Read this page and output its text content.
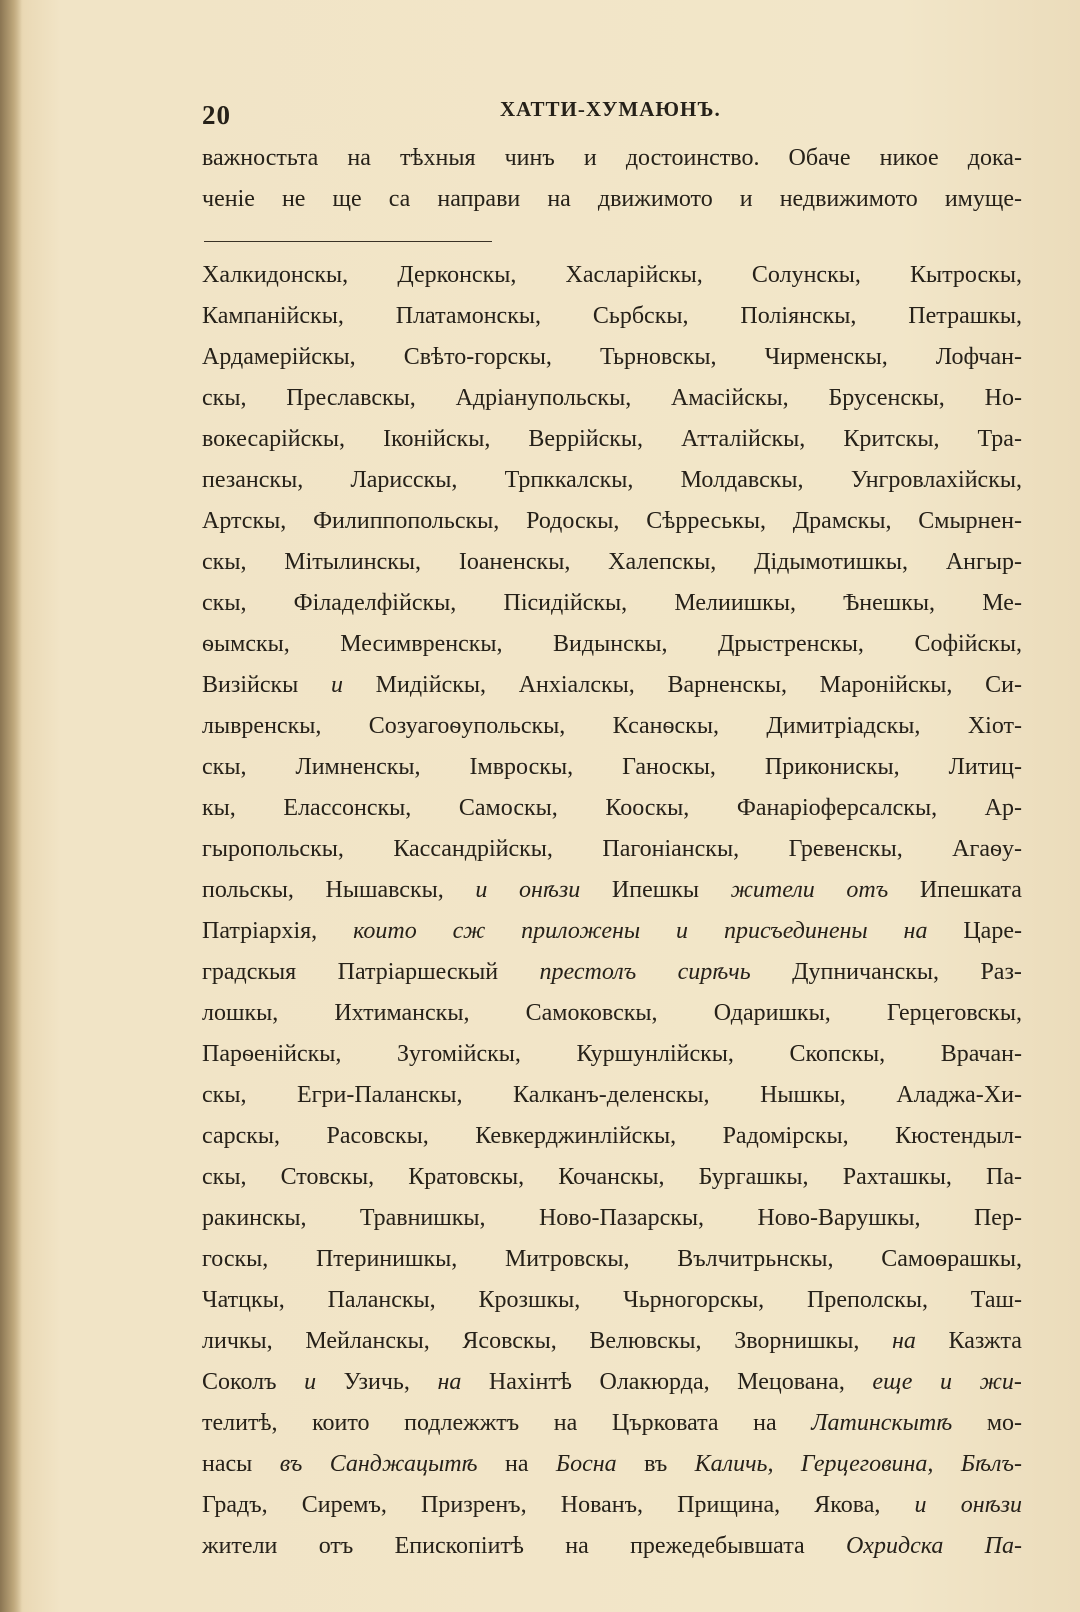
20	ХАТТИ-ХУМАЮНЪ.
важностьта на тѣхныя чинъ и достоинство. Обаче никое дока-
ченіе не ще са направи на движимото и недвижимото имуще-
Халкидонскы, Дерконскы, Хасларійскы, Солунскы, Кытроскы,
Кампанійскы, Платамонскы, Сьрбскы, Поліянскы, Петрашкы,
Ардамерійскы, Свѣто-горскы, Тьрновскы, Чирменскы, Лофчан-
скы, Преславскы, Адріанупольскы, Амасійскы, Брусенскы, Но-
вокесарійскы, Іконійскы, Веррійскы, Атталійскы, Критскы, Тра-
пезанскы, Ларисскы, Трпккалскы, Молдавскы, Унгровлахійскы,
Артскы, Филиппопольскы, Родоскы, Сѣрреськы, Драмскы, Смырнен-
скы, Мітылинскы, Іоаненскы, Халепскы, Дідымотишкы, Ангыр-
скы, Філаделфійскы, Пісидійскы, Мелиишкы, Ѣнешкы, Ме-
ѳымскы, Месимвренскы, Видынскы, Дрыстренскы, Софійскы,
Визійскы и Мидійскы, Анхіалскы, Варненскы, Маронійскы, Си-
лывренскы, Созуагоѳупольскы, Ксанѳскы, Димитріадскы, Хіот-
скы, Лимненскы, Імвроскы, Ганоскы, Приконискы, Литиц-
кы, Елассонскы, Самоскы, Кооскы, Фанаріоферсалскы, Ар-
гыропольскы, Кассандрійскы, Пагоніанскы, Гревенскы, Агаѳу-
польскы, Нышавскы, и онѣзи Ипешкы жители отъ Ипешката
Патріархія, които сж приложены и присъединены на Царе-
градскыя Патріаршескый престолъ сирѣчь Дупничанскы, Раз-
лошкы, Ихтиманскы, Самоковскы, Одаришкы, Герцеговскы,
Парѳенійскы, Зугомійскы, Куршунлійскы, Скопскы, Врачан-
скы, Егри-Паланскы, Калканъ-деленскы, Нышкы, Аладжа-Хи-
сарскы, Расовскы, Кевкерджинлійскы, Радомірскы, Кюстендыл-
скы, Стовскы, Кратовскы, Кочанскы, Бургашкы, Рахташкы, Па-
ракинскы, Травнишкы, Ново-Пазарскы, Ново-Варушкы, Пер-
госкы, Птеринишкы, Митровскы, Вълчитрьнскы, Самоѳрашкы,
Чатцкы, Паланскы, Крозшкы, Чьрногорскы, Преполскы, Таш-
личкы, Мейланскы, Ясовскы, Велювскы, Зворнишкы, на Казжта
Соколъ и Узичь, на Нахінтѣ Олакюрда, Мецована, еще и жи-
телитѣ, които подлежжтъ на Църковата на Латинскытѣ мо-
насы въ Санджацытѣ на Босна въ Каличь, Герцеговина, Бѣлъ-
Градъ, Сиремъ, Призренъ, Нованъ, Прищина, Якова, и онѣзи
жители отъ Епископіитѣ на прежедебывшата Охридска Па-
